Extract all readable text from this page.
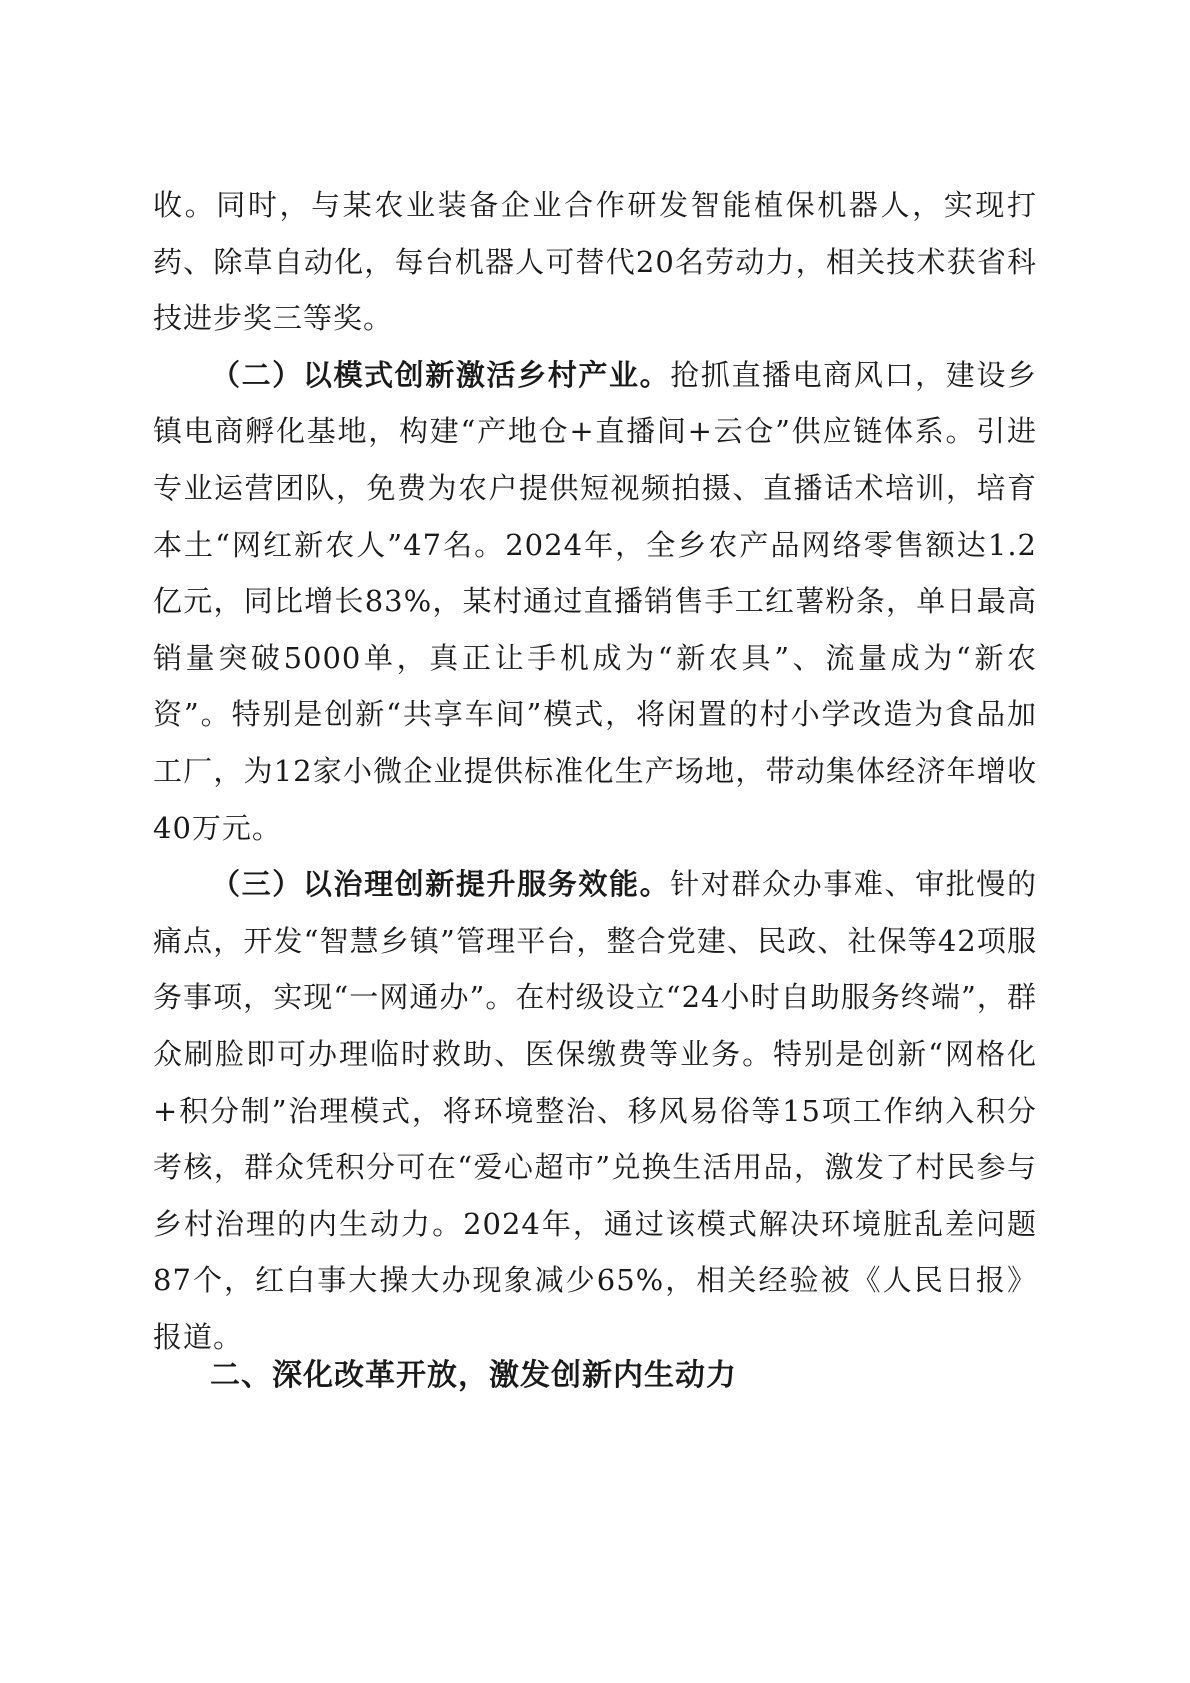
收。同时，与某农业装备企业合作研发智能植保机器人，实现打药、除草自动化，每台机器人可替代20名劳动力，相关技术获省科技进步奖三等奖。

（二）以模式创新激活乡村产业。抢抓直播电商风口，建设乡镇电商孵化基地，构建“产地仓+直播间+云仓”供应链体系。引进专业运营团队，免费为农户提供短视频拍摄、直播话术培训，培育本土“网红新农人”47名。2024年，全乡农产品网络零售额达1.2亿元，同比增长83%，某村通过直播销售手工红薯粉条，单日最高销量突破5000单，真正让手机成为“新农具”、流量成为“新农资”。特别是创新“共享车间”模式，将闲置的村小学改造为食品加工厂，为12家小微企业提供标准化生产场地，带动集体经济年增收40万元。

（三）以治理创新提升服务效能。针对群众办事难、审批慢的痛点，开发“智慧乡镇”管理平台，整合党建、民政、社保等42项服务事项，实现“一网通办”。在村级设立“24小时自助服务终端”，群众刷脸即可办理临时救助、医保缴费等业务。特别是创新“网格化+积分制”治理模式，将环境整治、移风易俗等15项工作纳入积分考核，群众凭积分可在“爱心超市”兑换生活用品，激发了村民参与乡村治理的内生动力。2024年，通过该模式解决环境脏乱差问题87个，红白事大操大办现象减少65%，相关经验被《人民日报》报道。

二、深化改革开放，激发创新内生动力
